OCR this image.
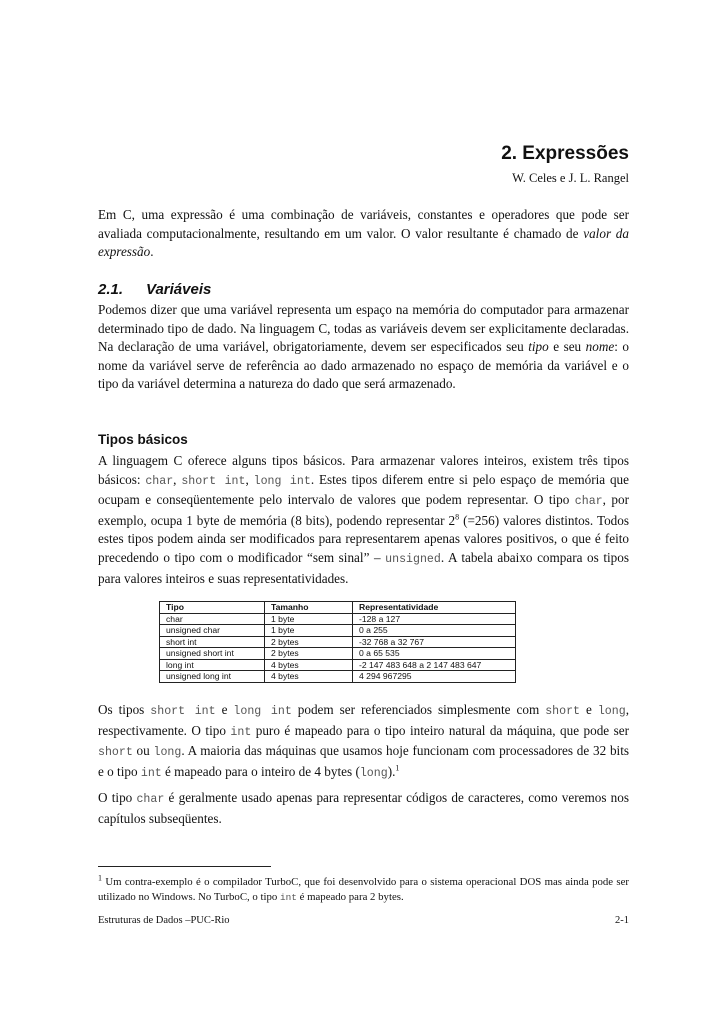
2. Expressões
W. Celes e J. L. Rangel

Em C, uma expressão é uma combinação de variáveis, constantes e operadores que pode ser avaliada computacionalmente, resultando em um valor. O valor resultante é chamado de valor da expressão.

2.1. Variáveis

Podemos dizer que uma variável representa um espaço na memória do computador para armazenar determinado tipo de dado. Na linguagem C, todas as variáveis devem ser explicitamente declaradas. Na declaração de uma variável, obrigatoriamente, devem ser especificados seu tipo e seu nome: o nome da variável serve de referência ao dado armazenado no espaço de memória da variável e o tipo da variável determina a natureza do dado que será armazenado.

Tipos básicos

A linguagem C oferece alguns tipos básicos. Para armazenar valores inteiros, existem três tipos básicos: char, short int, long int. Estes tipos diferem entre si pelo espaço de memória que ocupam e conseqüentemente pelo intervalo de valores que podem representar. O tipo char, por exemplo, ocupa 1 byte de memória (8 bits), podendo representar $2^8$ (=256) valores distintos. Todos estes tipos podem ainda ser modificados para representarem apenas valores positivos, o que é feito precedendo o tipo com o modificador “sem sinal” – unsigned. A tabela abaixo compara os tipos para valores inteiros e suas representatividades.

Tipo	Tamanho	Representatividade
char	1 byte	-128 a 127
unsigned char	1 byte	0 a 255
short int	2 bytes	-32 768 a 32 767
unsigned short int	2 bytes	0 a 65 535
long int	4 bytes	-2 147 483 648 a 2 147 483 647
unsigned long int	4 bytes	4 294 967295

Os tipos short int e long int podem ser referenciados simplesmente com short e long, respectivamente. O tipo int puro é mapeado para o tipo inteiro natural da máquina, que pode ser short ou long. A maioria das máquinas que usamos hoje funcionam com processadores de 32 bits e o tipo int é mapeado para o inteiro de 4 bytes (long).$^1$

O tipo char é geralmente usado apenas para representar códigos de caracteres, como veremos nos capítulos subseqüentes.

$^1$ Um contra-exemplo é o compilador TurboC, que foi desenvolvido para o sistema operacional DOS mas ainda pode ser utilizado no Windows. No TurboC, o tipo int é mapeado para 2 bytes.

Estruturas de Dados –PUC-Rio	2-1
